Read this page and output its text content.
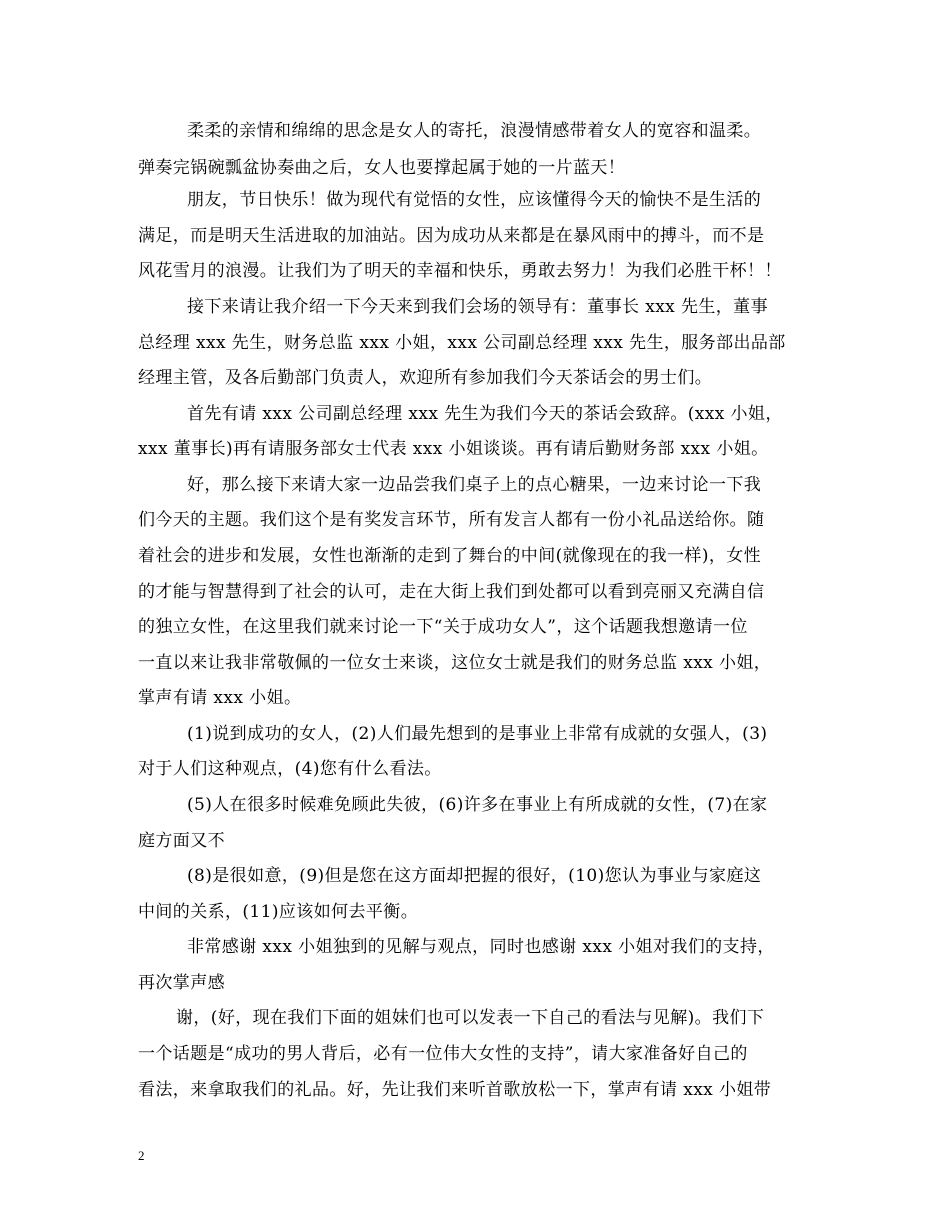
柔柔的亲情和绵绵的思念是女人的寄托，浪漫情感带着女人的宽容和温柔。
弹奏完锅碗瓢盆协奏曲之后，女人也要撑起属于她的一片蓝天！
朋友，节日快乐！做为现代有觉悟的女性，应该懂得今天的愉快不是生活的
满足，而是明天生活进取的加油站。因为成功从来都是在暴风雨中的搏斗，而不是
风花雪月的浪漫。让我们为了明天的幸福和快乐，勇敢去努力！为我们必胜干杯！！
接下来请让我介绍一下今天来到我们会场的领导有：董事长 xxx 先生，董事
总经理 xxx 先生，财务总监 xxx 小姐，xxx 公司副总经理 xxx 先生，服务部出品部
经理主管，及各后勤部门负责人，欢迎所有参加我们今天茶话会的男士们。
首先有请 xxx 公司副总经理 xxx 先生为我们今天的茶话会致辞。(xxx 小姐，
xxx 董事长)再有请服务部女士代表 xxx 小姐谈谈。再有请后勤财务部 xxx 小姐。
好，那么接下来请大家一边品尝我们桌子上的点心糖果，一边来讨论一下我
们今天的主题。我们这个是有奖发言环节，所有发言人都有一份小礼品送给你。随
着社会的进步和发展，女性也渐渐的走到了舞台的中间(就像现在的我一样)，女性
的才能与智慧得到了社会的认可，走在大街上我们到处都可以看到亮丽又充满自信
的独立女性，在这里我们就来讨论一下“关于成功女人”，这个话题我想邀请一位
一直以来让我非常敬佩的一位女士来谈，这位女士就是我们的财务总监 xxx 小姐，
掌声有请 xxx 小姐。
(1)说到成功的女人，(2)人们最先想到的是事业上非常有成就的女强人，(3)
对于人们这种观点，(4)您有什么看法。
(5)人在很多时候难免顾此失彼，(6)许多在事业上有所成就的女性，(7)在家
庭方面又不
(8)是很如意，(9)但是您在这方面却把握的很好，(10)您认为事业与家庭这
中间的关系，(11)应该如何去平衡。
非常感谢 xxx 小姐独到的见解与观点，同时也感谢 xxx 小姐对我们的支持，
再次掌声感
谢，(好，现在我们下面的姐妹们也可以发表一下自己的看法与见解)。我们下
一个话题是“成功的男人背后，必有一位伟大女性的支持”，请大家准备好自己的
看法，来拿取我们的礼品。好，先让我们来听首歌放松一下，掌声有请 xxx 小姐带
2
